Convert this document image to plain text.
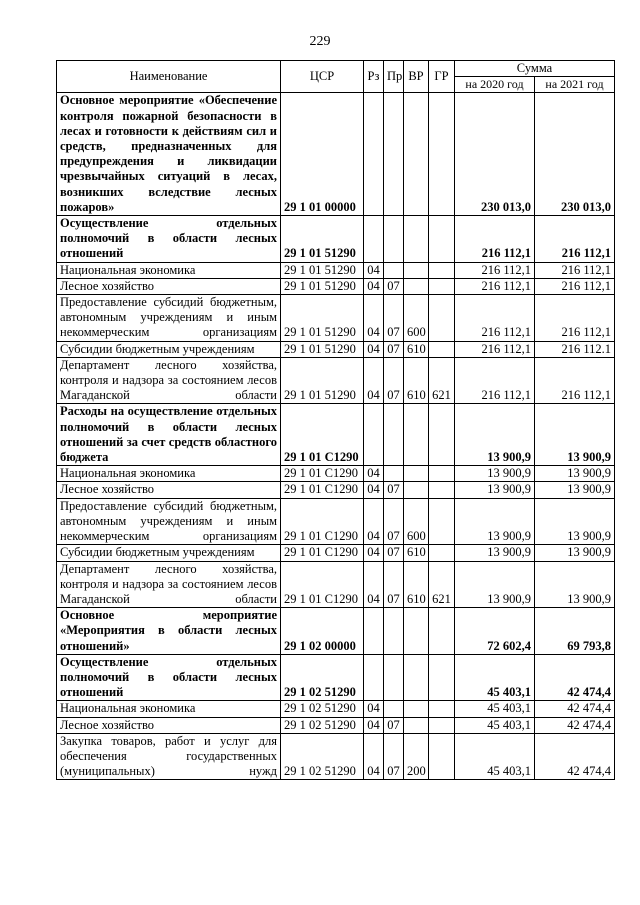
229
Наименование	ЦСР	Рз	Пр	ВР	ГР	Сумма	
						на 2020 год	на 2021 год
Основное мероприятие «Обеспечение контроля пожарной безопасности в лесах и готовности к действиям сил и средств, предназначенных для предупреждения и ликвидации чрезвычайных ситуаций в лесах, возникших вследствие лесных пожаров»	29 1 01 00000					230 013,0	230 013,0
Осуществление отдельных полномочий в области лесных отношений	29 1 01 51290					216 112,1	216 112,1
Национальная экономика	29 1 01 51290	04				216 112,1	216 112,1
Лесное хозяйство	29 1 01 51290	04	07			216 112,1	216 112,1
Предоставление субсидий бюджетным, автономным учреждениям и иным некоммерческим организациям	29 1 01 51290	04	07	600		216 112,1	216 112,1
Субсидии бюджетным учреждениям	29 1 01 51290	04	07	610		216 112,1	216 112.1
Департамент лесного хозяйства, контроля и надзора за состоянием лесов Магаданской области	29 1 01 51290	04	07	610	621	216 112,1	216 112,1
Расходы на осуществление отдельных полномочий в области лесных отношений за счет средств областного бюджета	29 1 01 С1290					13 900,9	13 900,9
Национальная экономика	29 1 01 С1290	04				13 900,9	13 900,9
Лесное хозяйство	29 1 01 С1290	04	07			13 900,9	13 900,9
Предоставление субсидий бюджетным, автономным учреждениям и иным некоммерческим организациям	29 1 01 С1290	04	07	600		13 900,9	13 900,9
Субсидии бюджетным учреждениям	29 1 01 С1290	04	07	610		13 900,9	13 900,9
Департамент лесного хозяйства, контроля и надзора за состоянием лесов Магаданской области	29 1 01 С1290	04	07	610	621	13 900,9	13 900,9
Основное мероприятие «Мероприятия в области лесных отношений»	29 1 02 00000					72 602,4	69 793,8
Осуществление отдельных полномочий в области лесных отношений	29 1 02 51290					45 403,1	42 474,4
Национальная экономика	29 1 02 51290	04				45 403,1	42 474,4
Лесное хозяйство	29 1 02 51290	04	07			45 403,1	42 474,4
Закупка товаров, работ и услуг для обеспечения государственных (муниципальных) нужд	29 1 02 51290	04	07	200		45 403,1	42 474,4
